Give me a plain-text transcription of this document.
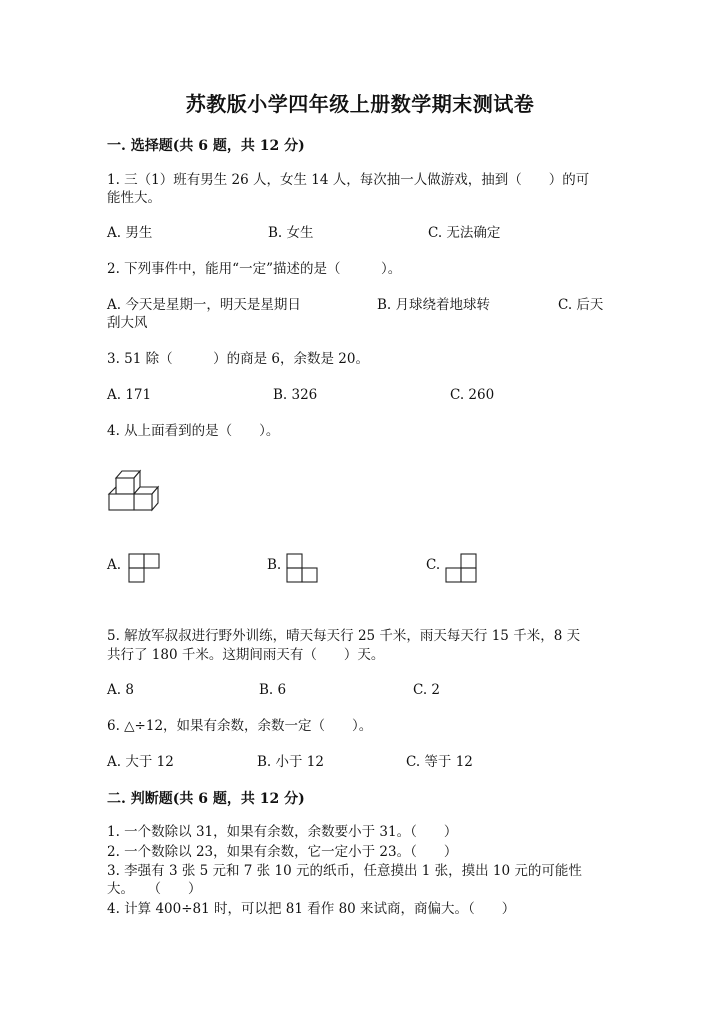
苏教版小学四年级上册数学期末测试卷
一. 选择题(共 6 题，共 12 分)
1. 三（1）班有男生 26 人，女生 14 人，每次抽一人做游戏，抽到（　　）的可
能性大。
A. 男生	B. 女生	C. 无法确定
2. 下列事件中，能用“一定”描述的是（　　　）。
A. 今天是星期一，明天是星期日	B. 月球绕着地球转	C. 后天
刮大风
3. 51 除（　　　）的商是 6，余数是 20。
A. 171	B. 326	C. 260
4. 从上面看到的是（　　）。
A.	B.	C.
5. 解放军叔叔进行野外训练，晴天每天行 25 千米，雨天每天行 15 千米，8 天
共行了 180 千米。这期间雨天有（　　）天。
A. 8	B. 6	C. 2
6. △÷12，如果有余数，余数一定（　　）。
A. 大于 12	B. 小于 12	C. 等于 12
二. 判断题(共 6 题，共 12 分)
1. 一个数除以 31，如果有余数，余数要小于 31。（　　）
2. 一个数除以 23，如果有余数，它一定小于 23。（　　）
3. 李强有 3 张 5 元和 7 张 10 元的纸币，任意摸出 1 张，摸出 10 元的可能性
大。　　（　　）
4. 计算 400÷81 时，可以把 81 看作 80 来试商，商偏大。（　　）
